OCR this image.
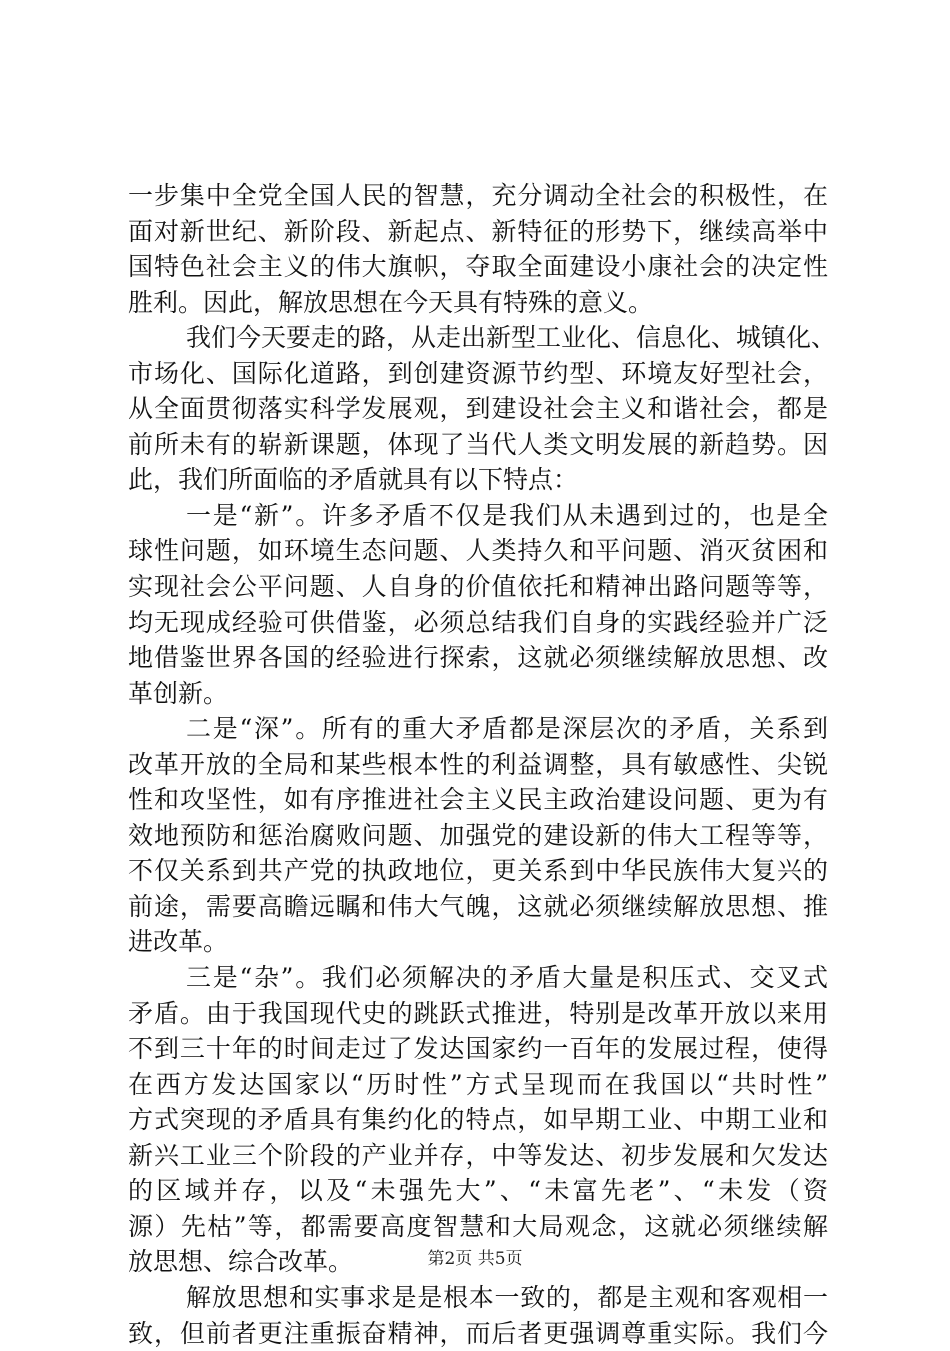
一步集中全党全国人民的智慧，充分调动全社会的积极性，在
面对新世纪、新阶段、新起点、新特征的形势下，继续高举中
国特色社会主义的伟大旗帜，夺取全面建设小康社会的决定性
胜利。因此，解放思想在今天具有特殊的意义。
我们今天要走的路，从走出新型工业化、信息化、城镇化、
市场化、国际化道路，到创建资源节约型、环境友好型社会，
从全面贯彻落实科学发展观，到建设社会主义和谐社会，都是
前所未有的崭新课题，体现了当代人类文明发展的新趋势。因
此，我们所面临的矛盾就具有以下特点：
一是“新”。许多矛盾不仅是我们从未遇到过的，也是全
球性问题，如环境生态问题、人类持久和平问题、消灭贫困和
实现社会公平问题、人自身的价值依托和精神出路问题等等，
均无现成经验可供借鉴，必须总结我们自身的实践经验并广泛
地借鉴世界各国的经验进行探索，这就必须继续解放思想、改
革创新。
二是“深”。所有的重大矛盾都是深层次的矛盾，关系到
改革开放的全局和某些根本性的利益调整，具有敏感性、尖锐
性和攻坚性，如有序推进社会主义民主政治建设问题、更为有
效地预防和惩治腐败问题、加强党的建设新的伟大工程等等，
不仅关系到共产党的执政地位，更关系到中华民族伟大复兴的
前途，需要高瞻远瞩和伟大气魄，这就必须继续解放思想、推
进改革。
三是“杂”。我们必须解决的矛盾大量是积压式、交叉式
矛盾。由于我国现代史的跳跃式推进，特别是改革开放以来用
不到三十年的时间走过了发达国家约一百年的发展过程，使得
在西方发达国家以“历时性”方式呈现而在我国以“共时性”
方式突现的矛盾具有集约化的特点，如早期工业、中期工业和
新兴工业三个阶段的产业并存，中等发达、初步发展和欠发达
的区域并存，以及“未强先大”、“未富先老”、“未发（资
源）先枯”等，都需要高度智慧和大局观念，这就必须继续解
放思想、综合改革。
解放思想和实事求是是根本一致的，都是主观和客观相一
致，但前者更注重振奋精神，而后者更强调尊重实际。我们今
第2页 共5页
